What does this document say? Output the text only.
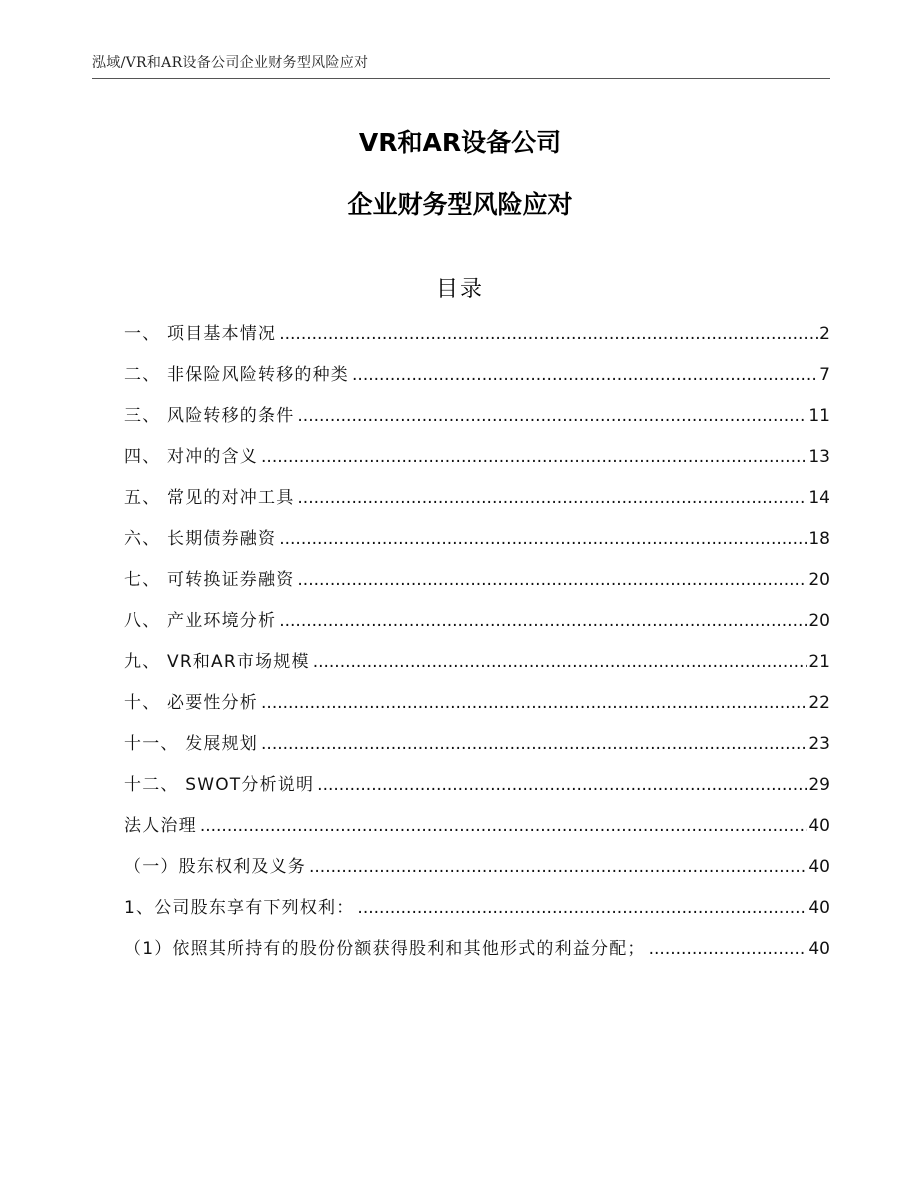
泓域/VR和AR设备公司企业财务型风险应对
VR和AR设备公司
企业财务型风险应对
目录
一、 项目基本情况 .....	2
二、 非保险风险转移的种类 .....	7
三、 风险转移的条件 .....	11
四、 对冲的含义 .....	13
五、 常见的对冲工具 .....	14
六、 长期债券融资 .....	18
七、 可转换证券融资 .....	20
八、 产业环境分析 .....	20
九、 VR和AR市场规模 .....	21
十、 必要性分析 .....	22
十一、 发展规划 .....	23
十二、 SWOT分析说明 .....	29
法人治理 .....	40
（一）股东权利及义务 .....	40
1、公司股东享有下列权利： .....	40
（1）依照其所持有的股份份额获得股利和其他形式的利益分配； .....	40
